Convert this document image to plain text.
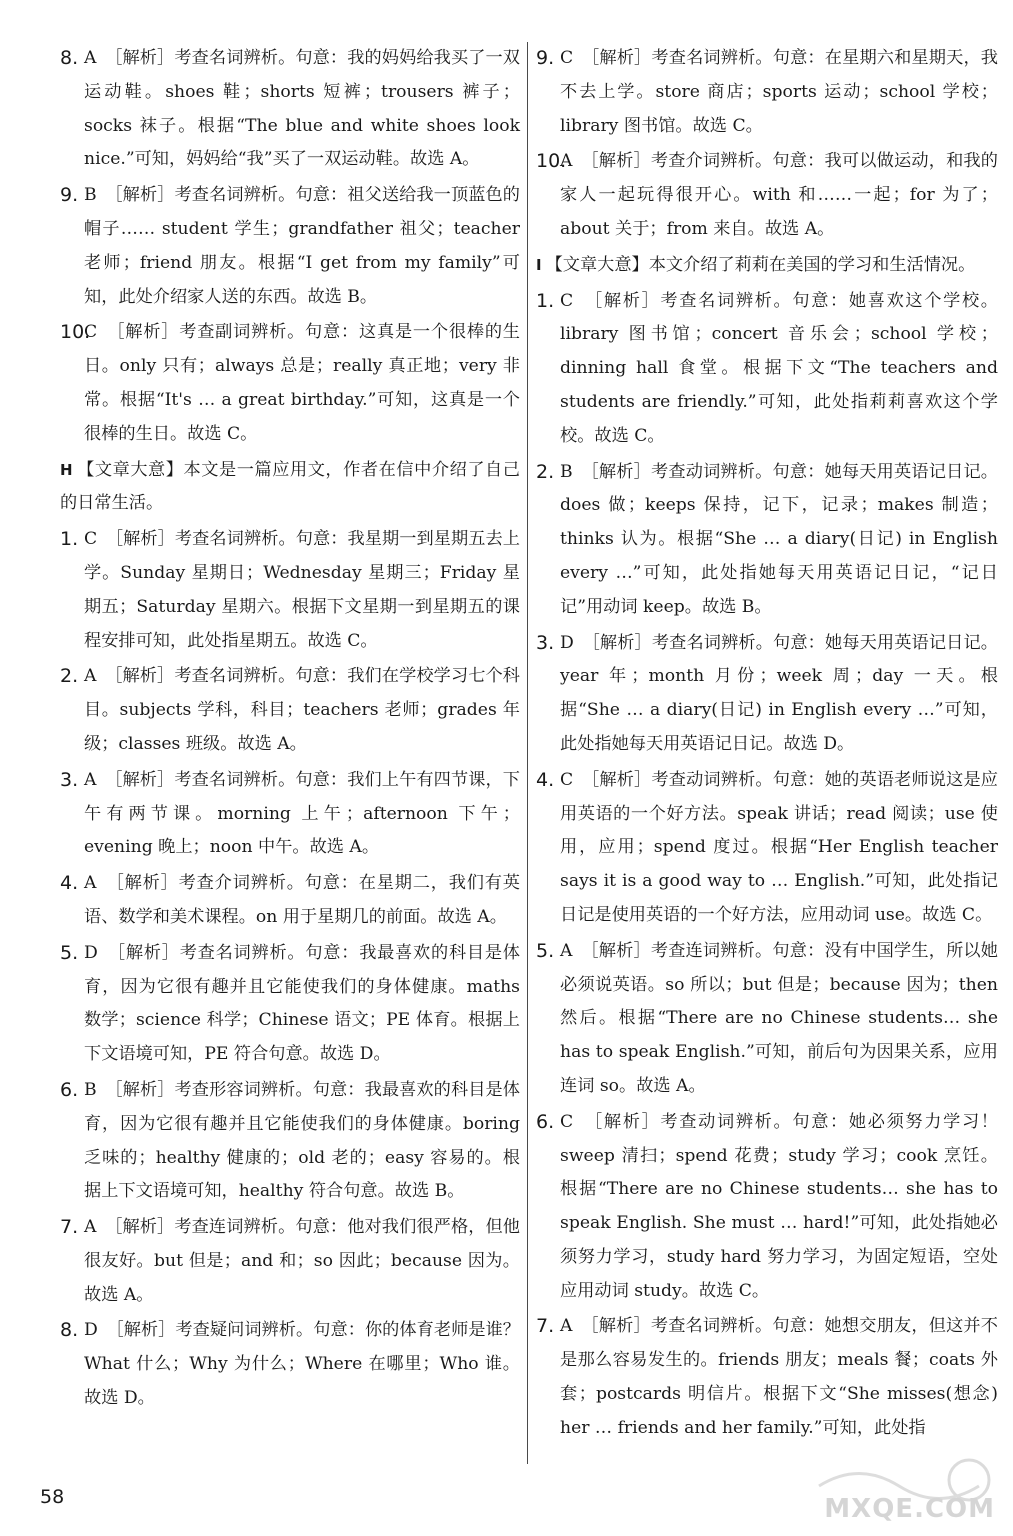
8. A　［解析］考查名词辨析。句意：我的妈妈给我买了一双运动鞋。shoes 鞋；shorts 短裤；trousers 裤子；socks 袜子。根据“The blue and white shoes look nice.”可知，妈妈给“我”买了一双运动鞋。故选 A。
9. B　［解析］考查名词辨析。句意：祖父送给我一顶蓝色的帽子…… student 学生；grandfather 祖父；teacher 老师；friend 朋友。根据“I get from my family”可知，此处介绍家人送的东西。故选 B。
10.
C　［解析］考查副词辨析。句意：这真是一个很棒的生日。only 只有；always 总是；really 真正地；very 非常。根据“It's … a great birthday.”可知，这真是一个很棒的生日。故选 C。
H 【文章大意】本文是一篇应用文，作者在信中介绍了自己的日常生活。
1. C　［解析］考查名词辨析。句意：我星期一到星期五去上学。Sunday 星期日；Wednesday 星期三；Friday 星期五；Saturday 星期六。根据下文星期一到星期五的课程安排可知，此处指星期五。故选 C。
2. A　［解析］考查名词辨析。句意：我们在学校学习七个科目。subjects 学科，科目；teachers 老师；grades 年级；classes 班级。故选 A。
3. A　［解析］考查名词辨析。句意：我们上午有四节课，下午有两节课。morning 上午；afternoon 下午；evening 晚上；noon 中午。故选 A。
4. A　［解析］考查介词辨析。句意：在星期二，我们有英语、数学和美术课程。on 用于星期几的前面。故选 A。
5. D　［解析］考查名词辨析。句意：我最喜欢的科目是体育，因为它很有趣并且它能使我们的身体健康。maths 数学；science 科学；Chinese 语文；PE 体育。根据上下文语境可知，PE 符合句意。故选 D。
6. B　［解析］考查形容词辨析。句意：我最喜欢的科目是体育，因为它很有趣并且它能使我们的身体健康。boring 乏味的；healthy 健康的；old 老的；easy 容易的。根据上下文语境可知，healthy 符合句意。故选 B。
7. A　［解析］考查连词辨析。句意：他对我们很严格，但他很友好。but 但是；and 和；so 因此；because 因为。故选 A。
8. D　［解析］考查疑问词辨析。句意：你的体育老师是谁？What 什么；Why 为什么；Where 在哪里；Who 谁。故选 D。
9. C　［解析］考查名词辨析。句意：在星期六和星期天，我不去上学。store 商店；sports 运动；school 学校；library 图书馆。故选 C。
10.
A　［解析］考查介词辨析。句意：我可以做运动，和我的家人一起玩得很开心。with 和……一起；for 为了；about 关于；from 来自。故选 A。
I 【文章大意】本文介绍了莉莉在美国的学习和生活情况。
1. C　［解析］考查名词辨析。句意：她喜欢这个学校。library 图书馆；concert 音乐会；school 学校；dinning hall 食堂。根据下文“The teachers and students are friendly.”可知，此处指莉莉喜欢这个学校。故选 C。
2. B　［解析］考查动词辨析。句意：她每天用英语记日记。does 做；keeps 保持，记下，记录；makes 制造；thinks 认为。根据“She … a diary(日记) in English every …”可知，此处指她每天用英语记日记，“记日记”用动词 keep。故选 B。
3. D　［解析］考查名词辨析。句意：她每天用英语记日记。year 年；month 月份；week 周；day 一天。根据“She … a diary(日记) in English every …”可知，此处指她每天用英语记日记。故选 D。
4. C　［解析］考查动词辨析。句意：她的英语老师说这是应用英语的一个好方法。speak 讲话；read 阅读；use 使用，应用；spend 度过。根据“Her English teacher says it is a good way to … English.”可知，此处指记日记是使用英语的一个好方法，应用动词 use。故选 C。
5. A　［解析］考查连词辨析。句意：没有中国学生，所以她必须说英语。so 所以；but 但是；because 因为；then 然后。根据“There are no Chinese students… she has to speak English.”可知，前后句为因果关系，应用连词 so。故选 A。
6. C　［解析］考查动词辨析。句意：她必须努力学习！sweep 清扫；spend 花费；study 学习；cook 烹饪。根据“There are no Chinese students… she has to speak English. She must … hard!”可知，此处指她必须努力学习，study hard 努力学习，为固定短语，空处应用动词 study。故选 C。
7. A　［解析］考查名词辨析。句意：她想交朋友，但这并不是那么容易发生的。friends 朋友；meals 餐；coats 外套；postcards 明信片。根据下文“She misses(想念) her … friends and her family.”可知，此处指
58	MXQE.COM
